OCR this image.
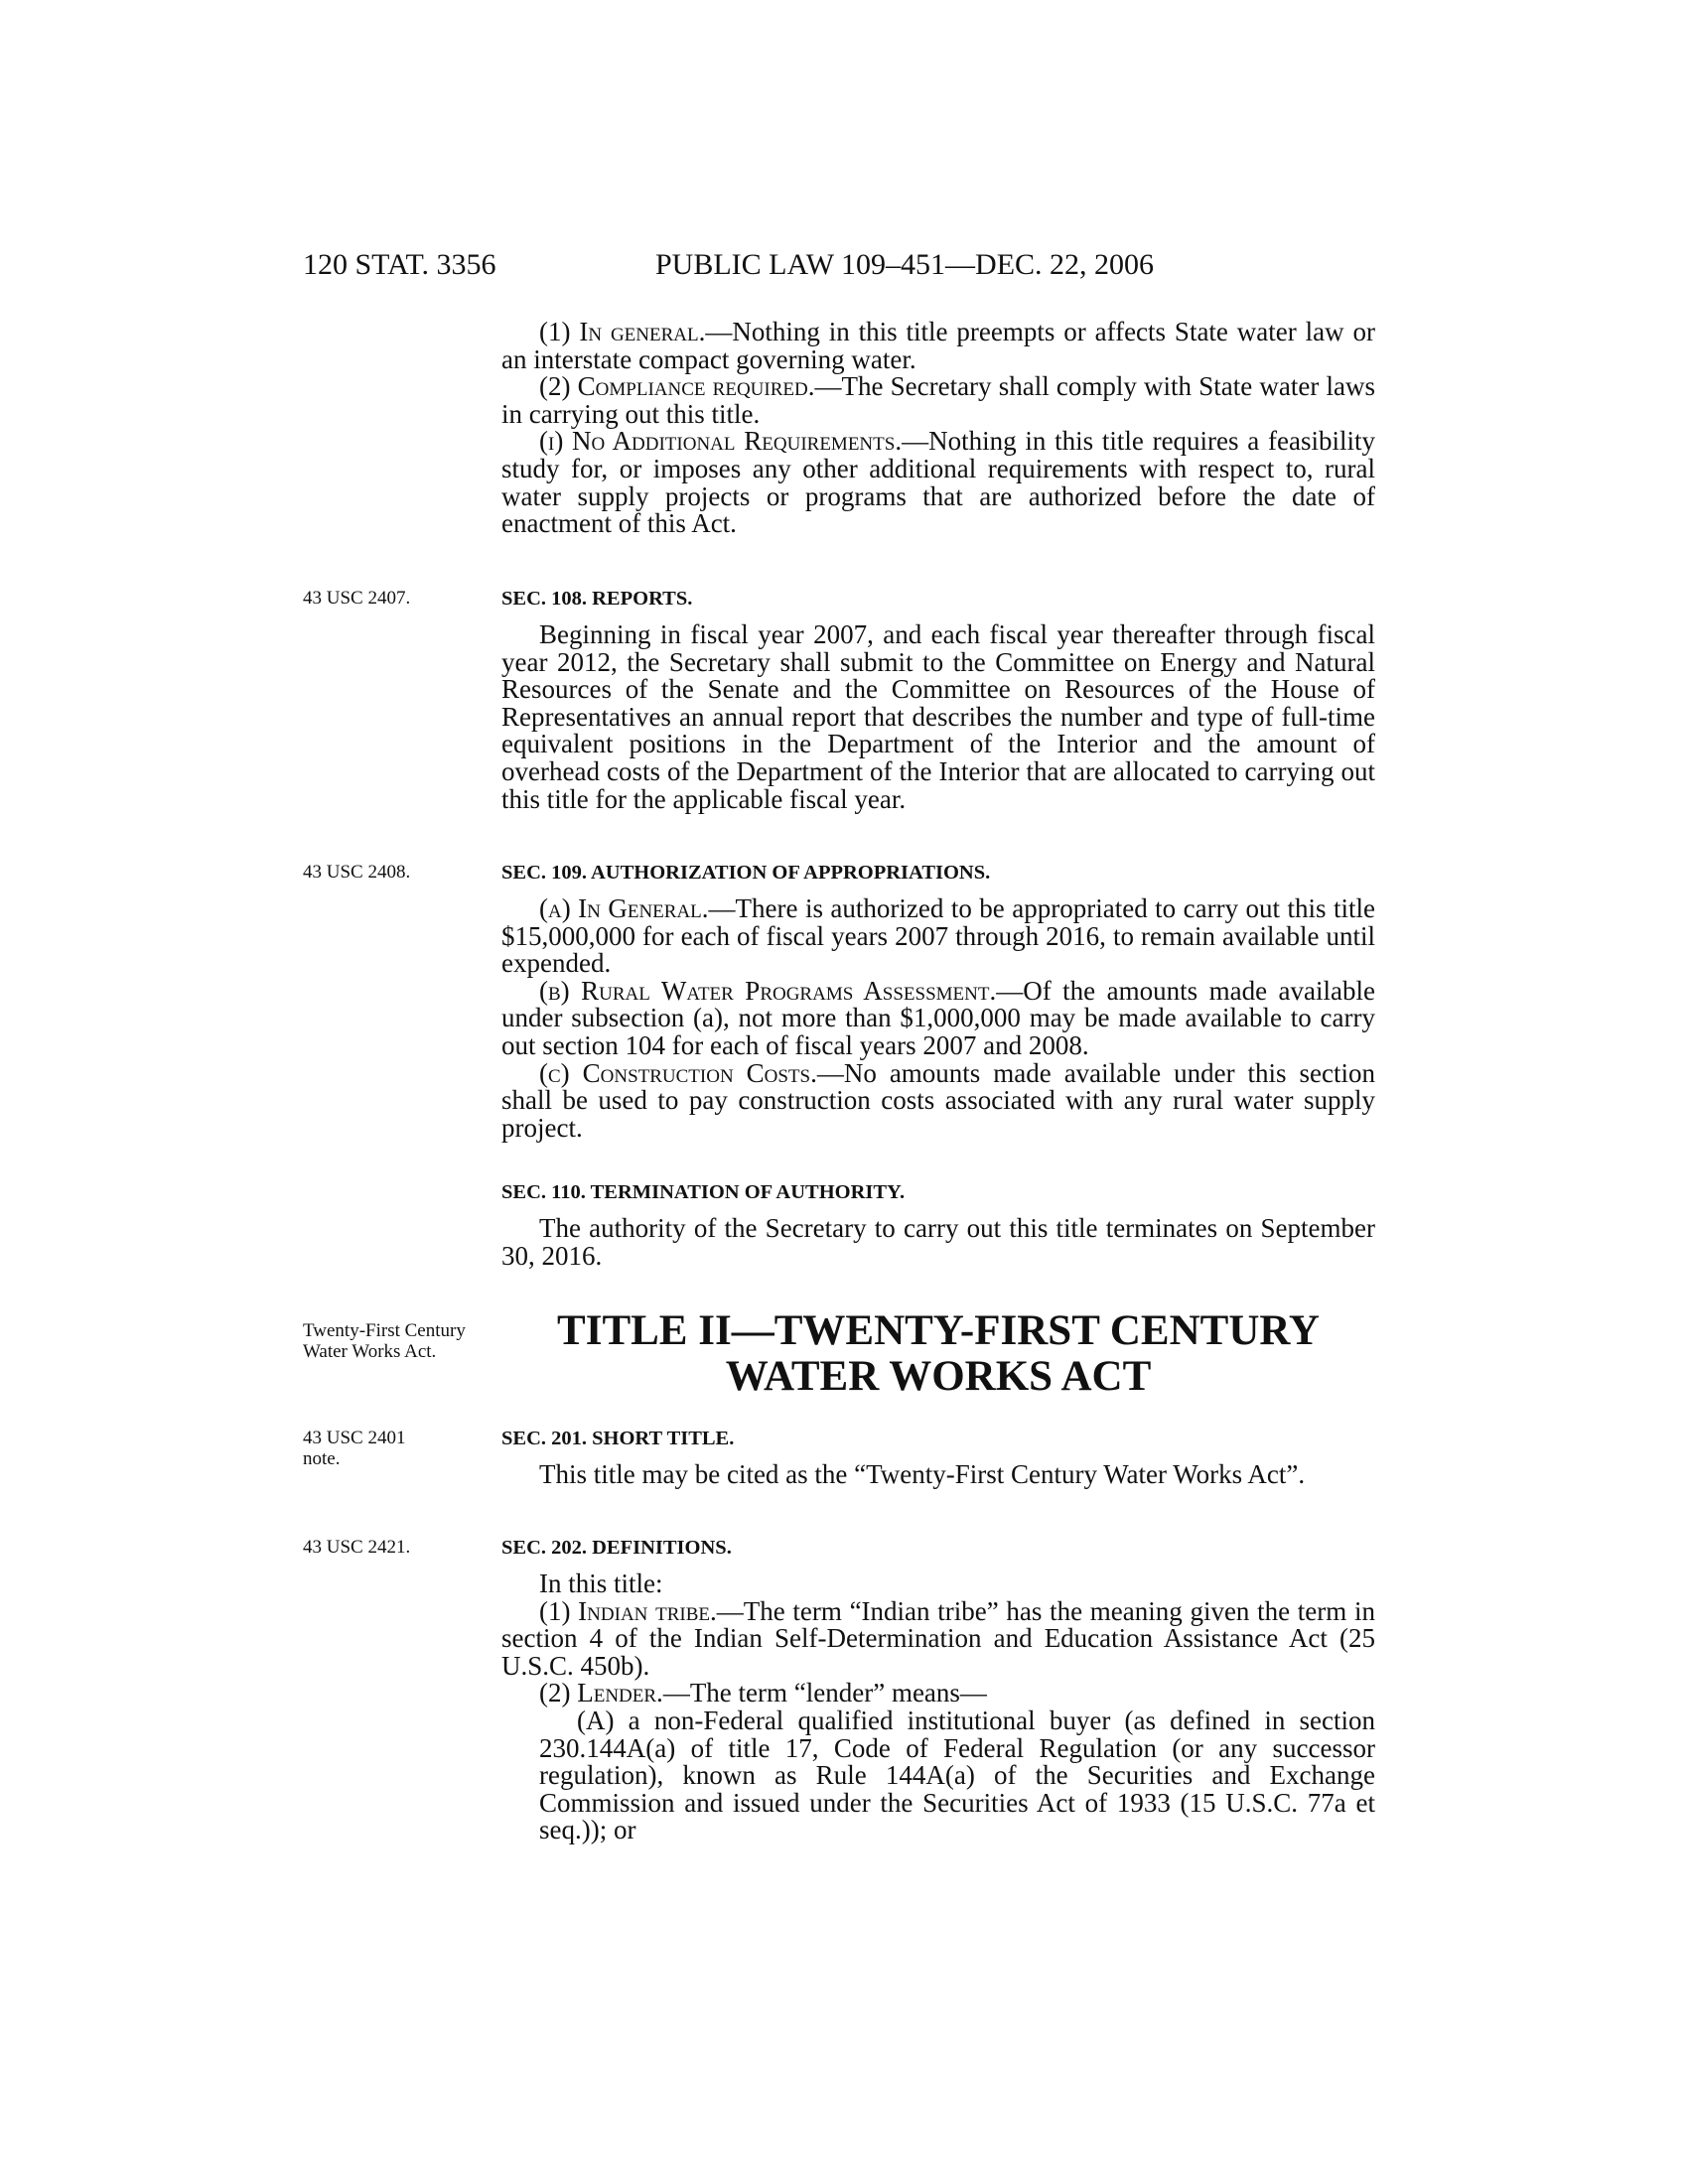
120 STAT. 3356	PUBLIC LAW 109–451—DEC. 22, 2006

(1) In general.—Nothing in this title preempts or affects State water law or an interstate compact governing water.

(2) Compliance required.—The Secretary shall comply with State water laws in carrying out this title.

(i) No Additional Requirements.—Nothing in this title requires a feasibility study for, or imposes any other additional requirements with respect to, rural water supply projects or programs that are authorized before the date of enactment of this Act.

43 USC 2407.	SEC. 108. REPORTS.

Beginning in fiscal year 2007, and each fiscal year thereafter through fiscal year 2012, the Secretary shall submit to the Committee on Energy and Natural Resources of the Senate and the Committee on Resources of the House of Representatives an annual report that describes the number and type of full-time equivalent positions in the Department of the Interior and the amount of overhead costs of the Department of the Interior that are allocated to carrying out this title for the applicable fiscal year.

43 USC 2408.	SEC. 109. AUTHORIZATION OF APPROPRIATIONS.

(a) In General.—There is authorized to be appropriated to carry out this title $15,000,000 for each of fiscal years 2007 through 2016, to remain available until expended.

(b) Rural Water Programs Assessment.—Of the amounts made available under subsection (a), not more than $1,000,000 may be made available to carry out section 104 for each of fiscal years 2007 and 2008.

(c) Construction Costs.—No amounts made available under this section shall be used to pay construction costs associated with any rural water supply project.

SEC. 110. TERMINATION OF AUTHORITY.

The authority of the Secretary to carry out this title terminates on September 30, 2016.

Twenty-First Century Water Works Act.	TITLE II—TWENTY-FIRST CENTURY
WATER WORKS ACT
43 USC 2401 note.

SEC. 201. SHORT TITLE.

This title may be cited as the “Twenty-First Century Water Works Act”.

43 USC 2421.	SEC. 202. DEFINITIONS.

In this title:

(1) Indian tribe.—The term “Indian tribe” has the meaning given the term in section 4 of the Indian Self-Determination and Education Assistance Act (25 U.S.C. 450b).

(2) Lender.—The term “lender” means—

(A) a non-Federal qualified institutional buyer (as defined in section 230.144A(a) of title 17, Code of Federal Regulation (or any successor regulation), known as Rule 144A(a) of the Securities and Exchange Commission and issued under the Securities Act of 1933 (15 U.S.C. 77a et seq.)); or
